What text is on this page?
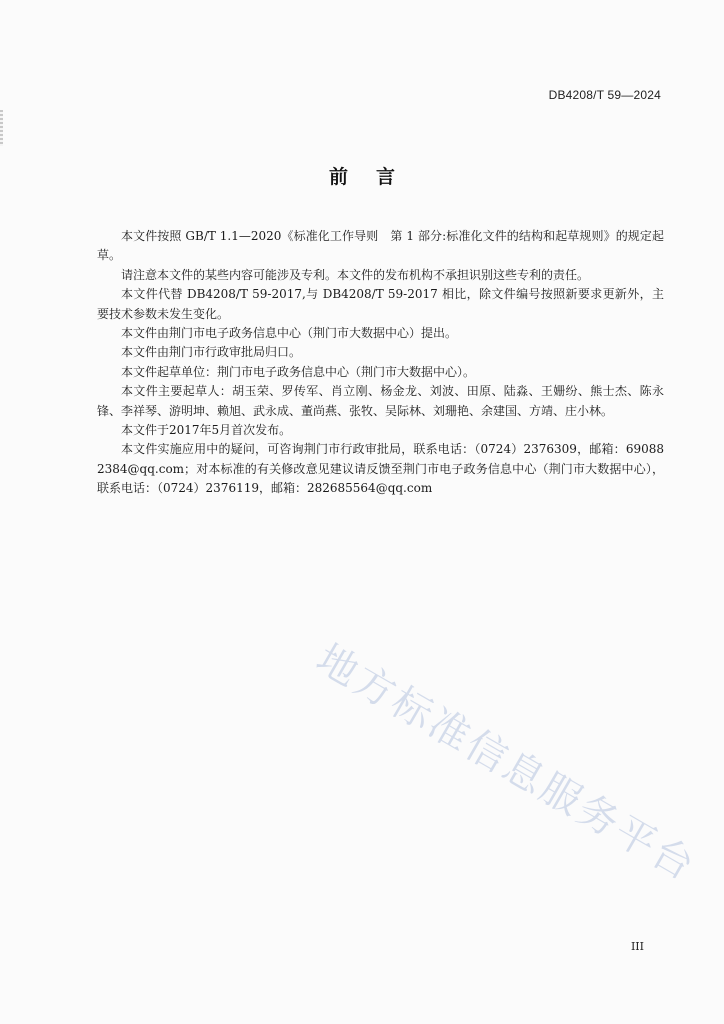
DB4208/T 59—2024
前言

本文件按照 GB/T 1.1—2020《标准化工作导则　第 1 部分:标准化文件的结构和起草规则》的规定起草。

请注意本文件的某些内容可能涉及专利。本文件的发布机构不承担识别这些专利的责任。

本文件代替 DB4208/T 59-2017,与 DB4208/T 59-2017 相比，除文件编号按照新要求更新外，主要技术参数未发生变化。

本文件由荆门市电子政务信息中心（荆门市大数据中心）提出。

本文件由荆门市行政审批局归口。

本文件起草单位：荆门市电子政务信息中心（荆门市大数据中心）。

本文件主要起草人：胡玉荣、罗传军、肖立刚、杨金龙、刘波、田原、陆淼、王姗纷、熊士杰、陈永锋、李祥琴、游明坤、赖旭、武永成、董尚燕、张牧、吴际林、刘珊艳、余建国、方靖、庄小林。

本文件于2017年5月首次发布。

本文件实施应用中的疑问，可咨询荆门市行政审批局，联系电话：（0724）2376309，邮箱：690882384@qq.com；对本标准的有关修改意见建议请反馈至荆门市电子政务信息中心（荆门市大数据中心），联系电话：（0724）2376119，邮箱：282685564@qq.com

地方标准信息服务平台
III
